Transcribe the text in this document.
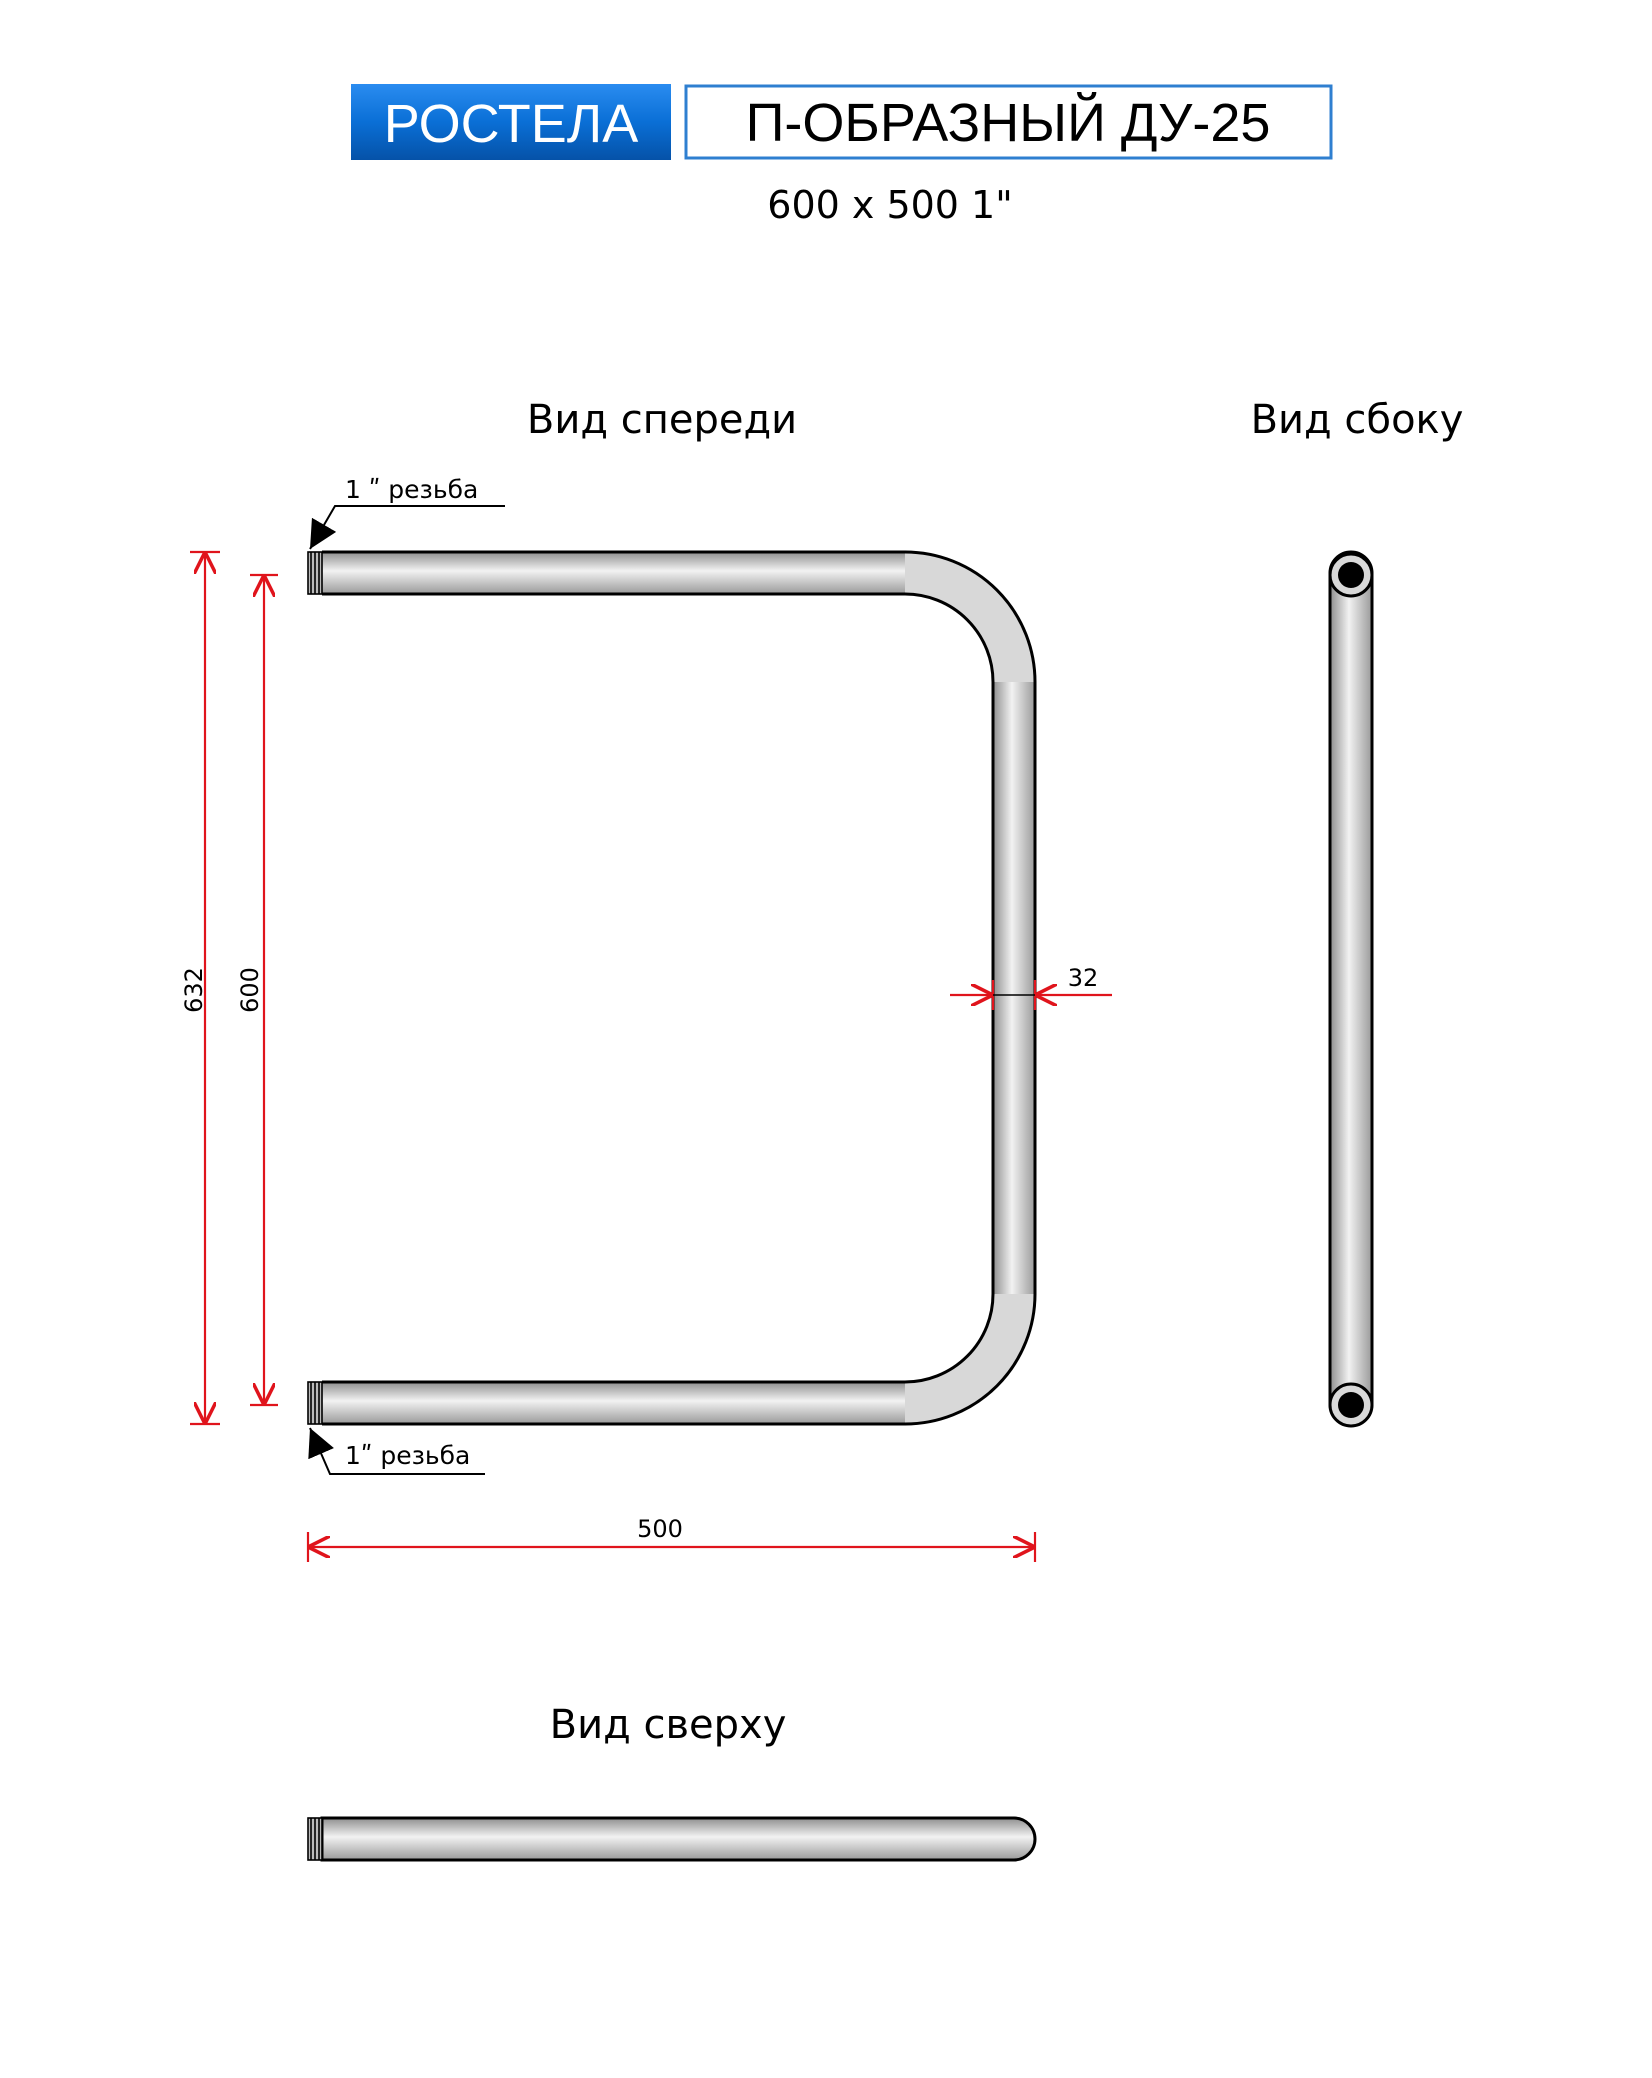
РОСТЕЛА П-ОБРАЗНЫЙ ДУ-25
600 x 500 1"
Вид спереди	Вид сбоку
Вид сверху
1 ʺ резьба
1ʺ резьба
632 600	32
500
